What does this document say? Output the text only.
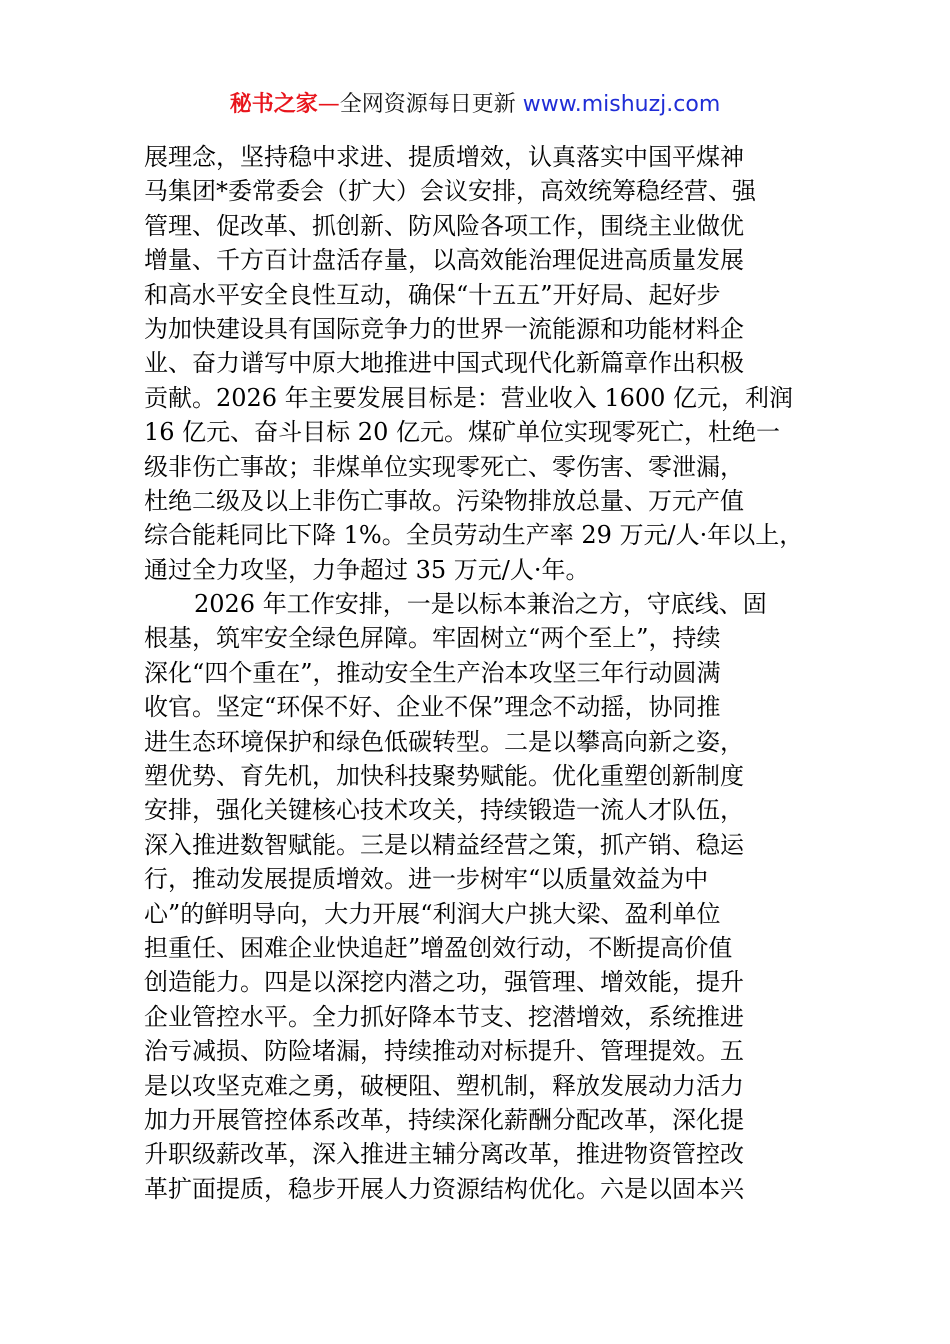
秘书之家—全网资源每日更新 www.mishuzj.com
展理念，坚持稳中求进、提质增效，认真落实中国平煤神
马集团*委常委会（扩大）会议安排，高效统筹稳经营、强
管理、促改革、抓创新、防风险各项工作，围绕主业做优
增量、千方百计盘活存量，以高效能治理促进高质量发展
和高水平安全良性互动，确保“十五五”开好局、起好步
为加快建设具有国际竞争力的世界一流能源和功能材料企
业、奋力谱写中原大地推进中国式现代化新篇章作出积极
贡献。2026 年主要发展目标是：营业收入 1600 亿元，利润
16 亿元、奋斗目标 20 亿元。煤矿单位实现零死亡，杜绝一
级非伤亡事故；非煤单位实现零死亡、零伤害、零泄漏，
杜绝二级及以上非伤亡事故。污染物排放总量、万元产值
综合能耗同比下降 1%。全员劳动生产率 29 万元/人·年以上，
通过全力攻坚，力争超过 35 万元/人·年。
2026 年工作安排，一是以标本兼治之方，守底线、固
根基，筑牢安全绿色屏障。牢固树立“两个至上”，持续
深化“四个重在”，推动安全生产治本攻坚三年行动圆满
收官。坚定“环保不好、企业不保”理念不动摇，协同推
进生态环境保护和绿色低碳转型。二是以攀高向新之姿，
塑优势、育先机，加快科技聚势赋能。优化重塑创新制度
安排，强化关键核心技术攻关，持续锻造一流人才队伍，
深入推进数智赋能。三是以精益经营之策，抓产销、稳运
行，推动发展提质增效。进一步树牢“以质量效益为中
心”的鲜明导向，大力开展“利润大户挑大梁、盈利单位
担重任、困难企业快追赶”增盈创效行动，不断提高价值
创造能力。四是以深挖内潜之功，强管理、增效能，提升
企业管控水平。全力抓好降本节支、挖潜增效，系统推进
治亏减损、防险堵漏，持续推动对标提升、管理提效。五
是以攻坚克难之勇，破梗阻、塑机制，释放发展动力活力
加力开展管控体系改革，持续深化薪酬分配改革，深化提
升职级薪改革，深入推进主辅分离改革，推进物资管控改
革扩面提质，稳步开展人力资源结构优化。六是以固本兴
